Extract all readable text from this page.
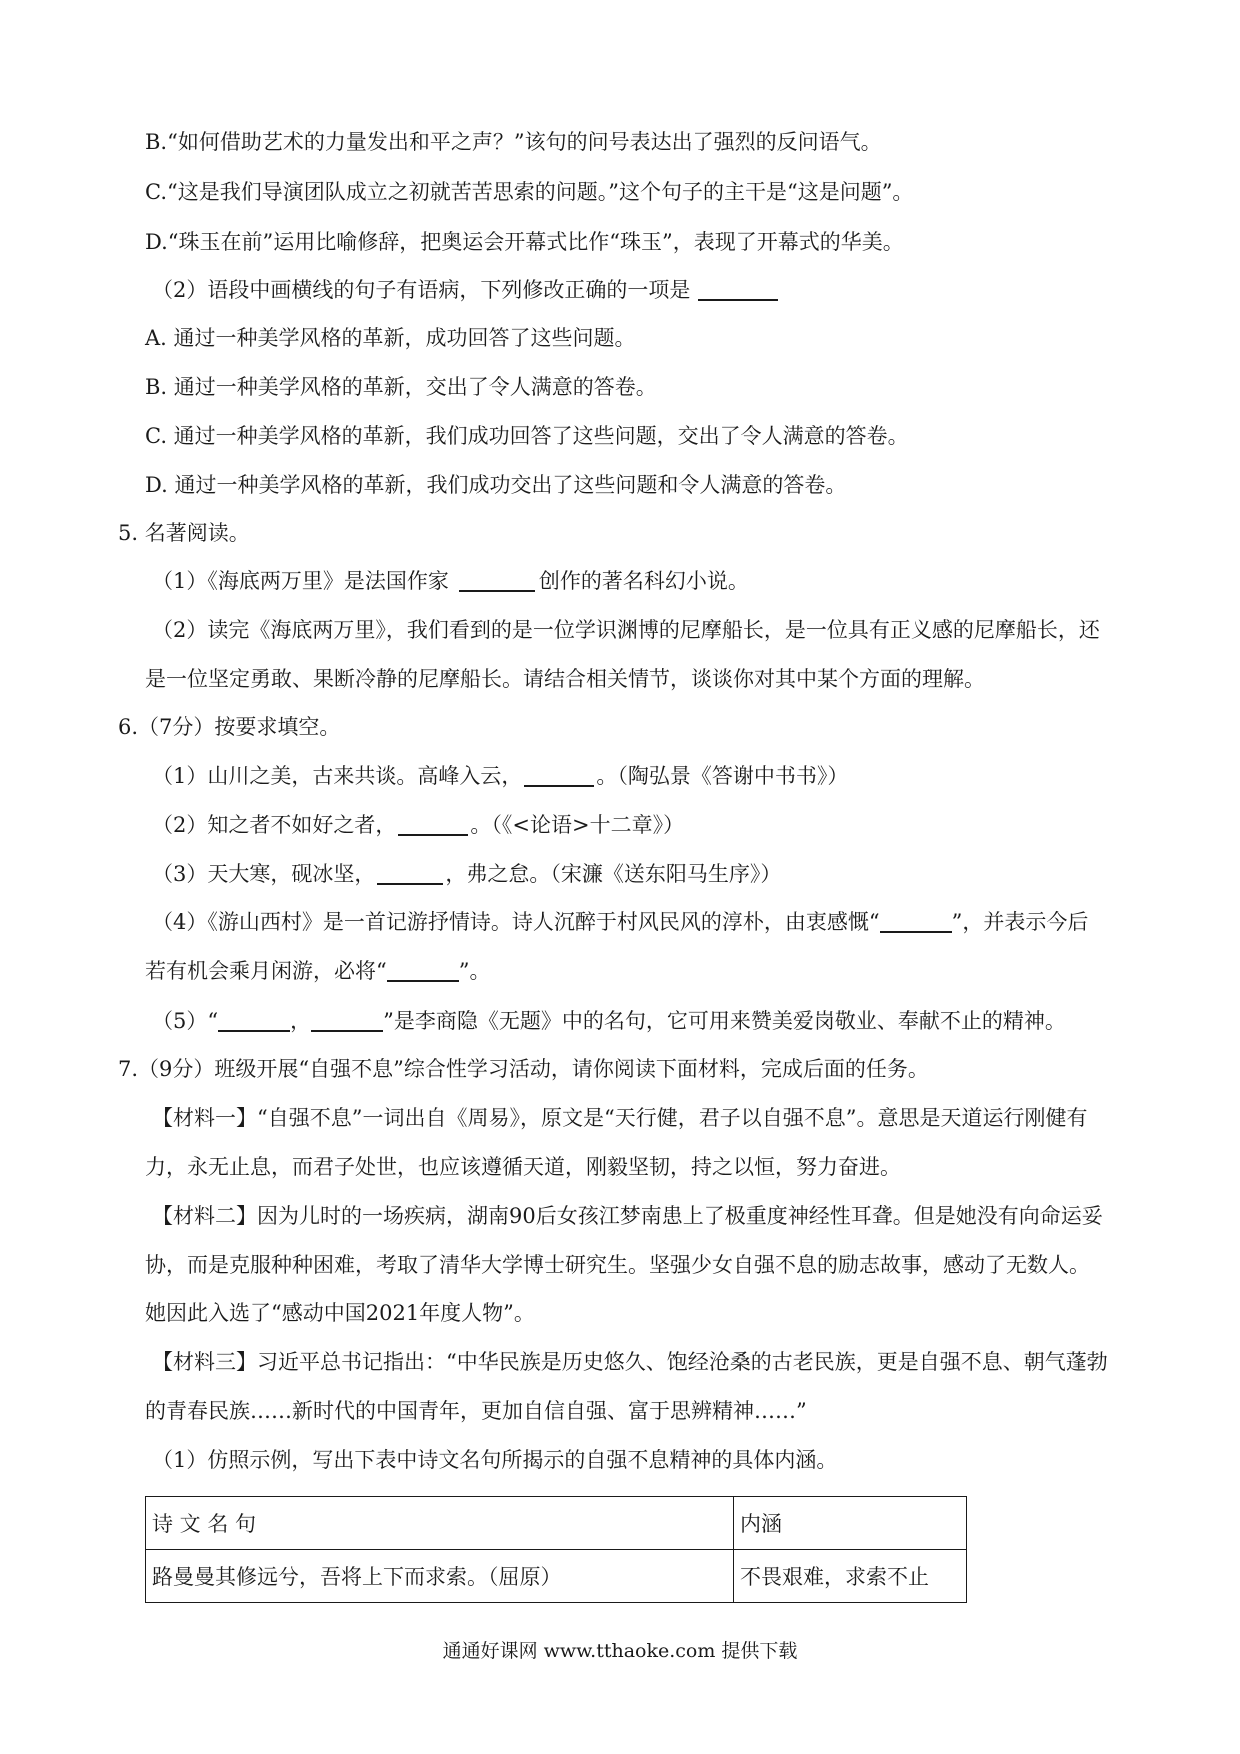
B.“如何借助艺术的力量发出和平之声？”该句的问号表达出了强烈的反问语气。
C.“这是我们导演团队成立之初就苦苦思索的问题。”这个句子的主干是“这是问题”。
D.“珠玉在前”运用比喻修辞，把奥运会开幕式比作“珠玉”，表现了开幕式的华美。
（2）语段中画横线的句子有语病，下列修改正确的一项是
A. 通过一种美学风格的革新，成功回答了这些问题。
B. 通过一种美学风格的革新，交出了令人满意的答卷。
C. 通过一种美学风格的革新，我们成功回答了这些问题，交出了令人满意的答卷。
D. 通过一种美学风格的革新，我们成功交出了这些问题和令人满意的答卷。
5. 名著阅读。
（1）《海底两万里》是法国作家	创作的著名科幻小说。
（2）读完《海底两万里》，我们看到的是一位学识渊博的尼摩船长，是一位具有正义感的尼摩船长，还
是一位坚定勇敢、果断冷静的尼摩船长。请结合相关情节，谈谈你对其中某个方面的理解。
6.（7分）按要求填空。
（1）山川之美，古来共谈。高峰入云，	。（陶弘景《答谢中书书》）
（2）知之者不如好之者，	。（《<论语>十二章》）
（3）天大寒，砚冰坚，	，弗之怠。（宋濂《送东阳马生序》）
（4）《游山西村》是一首记游抒情诗。诗人沉醉于村风民风的淳朴，由衷感慨“	”，并表示今后
若有机会乘月闲游，必将“	”。
（5）“	，	”是李商隐《无题》中的名句，它可用来赞美爱岗敬业、奉献不止的精神。
7.（9分）班级开展“自强不息”综合性学习活动，请你阅读下面材料，完成后面的任务。
【材料一】“自强不息”一词出自《周易》，原文是“天行健，君子以自强不息”。意思是天道运行刚健有
力，永无止息，而君子处世，也应该遵循天道，刚毅坚韧，持之以恒，努力奋进。
【材料二】因为儿时的一场疾病，湖南90后女孩江梦南患上了极重度神经性耳聋。但是她没有向命运妥
协，而是克服种种困难，考取了清华大学博士研究生。坚强少女自强不息的励志故事，感动了无数人。
她因此入选了“感动中国2021年度人物”。
【材料三】习近平总书记指出：“中华民族是历史悠久、饱经沧桑的古老民族，更是自强不息、朝气蓬勃
的青春民族……新时代的中国青年，更加自信自强、富于思辨精神……”
（1）仿照示例，写出下表中诗文名句所揭示的自强不息精神的具体内涵。
诗 文 名 句	内涵
路曼曼其修远兮，吾将上下而求索。（屈原）	不畏艰难，求索不止
通通好课网 www.tthaoke.com 提供下载
